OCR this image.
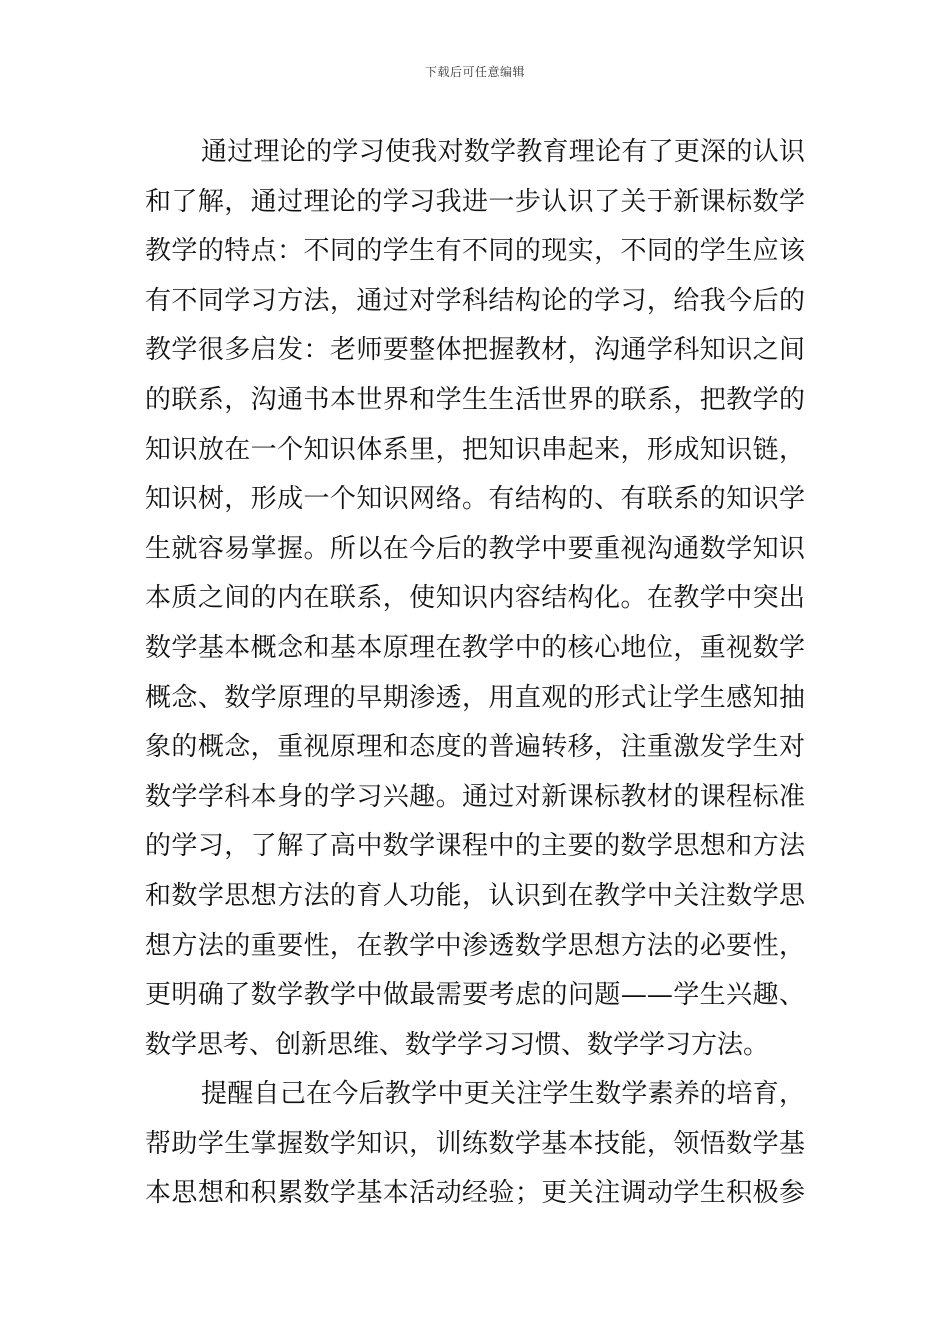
下载后可任意编辑
通过理论的学习使我对数学教育理论有了更深的认识
和了解，通过理论的学习我进一步认识了关于新课标数学
教学的特点：不同的学生有不同的现实，不同的学生应该
有不同学习方法，通过对学科结构论的学习，给我今后的
教学很多启发：老师要整体把握教材，沟通学科知识之间
的联系，沟通书本世界和学生生活世界的联系，把教学的
知识放在一个知识体系里，把知识串起来，形成知识链，
知识树，形成一个知识网络。有结构的、有联系的知识学
生就容易掌握。所以在今后的教学中要重视沟通数学知识
本质之间的内在联系，使知识内容结构化。在教学中突出
数学基本概念和基本原理在教学中的核心地位，重视数学
概念、数学原理的早期渗透，用直观的形式让学生感知抽
象的概念，重视原理和态度的普遍转移，注重激发学生对
数学学科本身的学习兴趣。通过对新课标教材的课程标准
的学习，了解了高中数学课程中的主要的数学思想和方法
和数学思想方法的育人功能，认识到在教学中关注数学思
想方法的重要性，在教学中渗透数学思想方法的必要性，
更明确了数学教学中做最需要考虑的问题——学生兴趣、
数学思考、创新思维、数学学习习惯、数学学习方法。
提醒自己在今后教学中更关注学生数学素养的培育，
帮助学生掌握数学知识，训练数学基本技能，领悟数学基
本思想和积累数学基本活动经验；更关注调动学生积极参
